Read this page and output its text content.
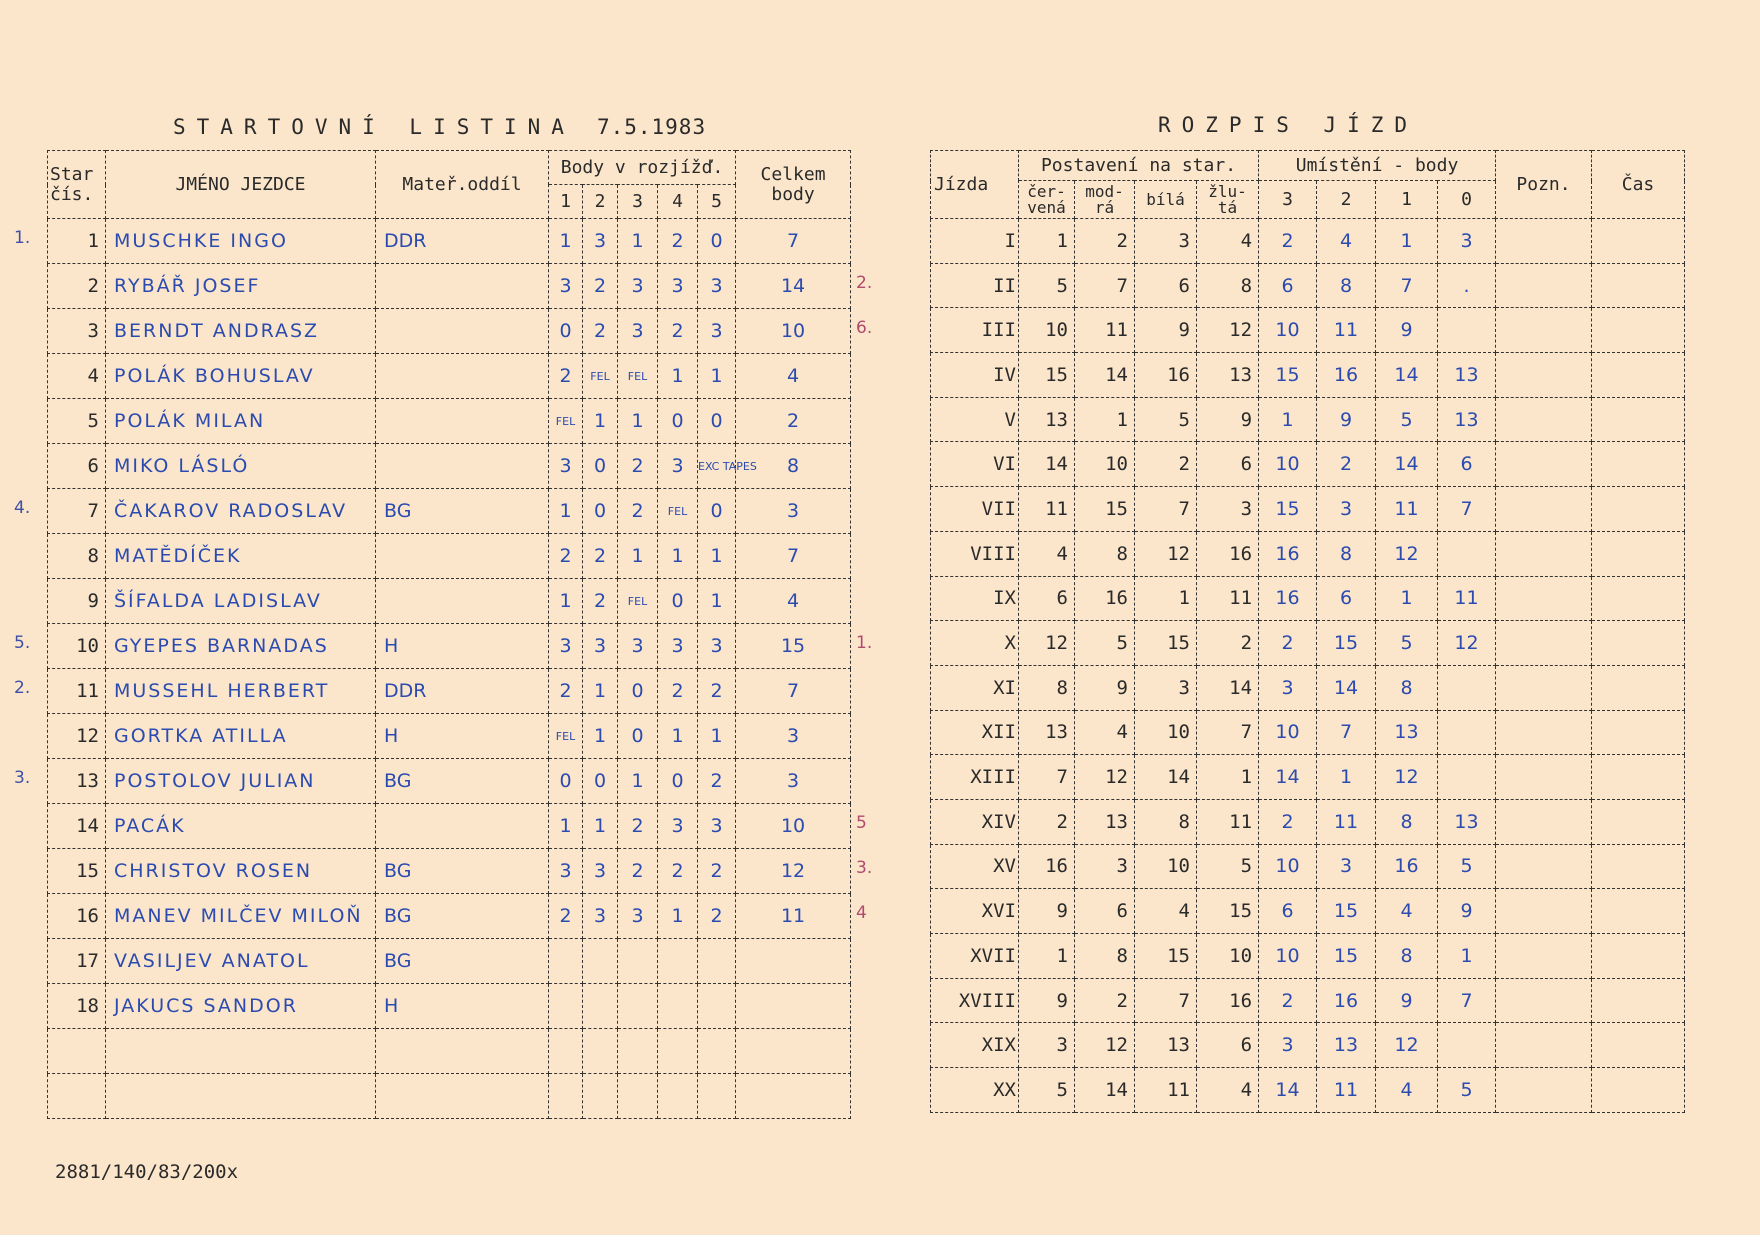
STARTOVNÍ LISTINA 7.5.1983	ROZPIS JÍZD
Star
čís.	JMÉNO JEZDCE	Mateř.oddíl	Body v rozjížď.					Celkem
body
			1	2	3	4	5	
1	MUSCHKE INGO	DDR	1	3	1	2	0	7
2	RYBÁŘ JOSEF		3	2	3	3	3	14
3	BERNDT ANDRASZ		0	2	3	2	3	10
4	POLÁK BOHUSLAV		2	FEL	FEL	1	1	4
5	POLÁK MILAN		FEL	1	1	0	0	2
6	MIKO LÁSLÓ		3	0	2	3	EXC TAPES	8
7	ČAKAROV RADOSLAV	BG	1	0	2	FEL	0	3
8	MATĚDÍČEK		2	2	1	1	1	7
9	ŠÍFALDA LADISLAV		1	2	FEL	0	1	4
10	GYEPES BARNADAS	H	3	3	3	3	3	15
11	MUSSEHL HERBERT	DDR	2	1	0	2	2	7
12	GORTKA ATILLA	H	FEL	1	0	1	1	3
13	POSTOLOV JULIAN	BG	0	0	1	0	2	3
14	PACÁK		1	1	2	3	3	10
15	CHRISTOV ROSEN	BG	3	3	2	2	2	12
16	MANEV MILČEV MILOŇ	BG	2	3	3	1	2	11
17	VASILJEV ANATOL	BG						
18	JAKUCS SANDOR	H						

Jízda	Postavení na star.				Umístění - body				Pozn.	Čas
	čer- vená	mod- rá	bílá	žlu- tá	3	2	1	0		
I	1	2	3	4	2	4	1	3		
II	5	7	6	8	6	8	7	.		
III	10	11	9	12	10	11	9			
IV	15	14	16	13	15	16	14	13		
V	13	1	5	9	1	9	5	13		
VI	14	10	2	6	10	2	14	6		
VII	11	15	7	3	15	3	11	7		
VIII	4	8	12	16	16	8	12			
IX	6	16	1	11	16	6	1	11		
X	12	5	15	2	2	15	5	12		
XI	8	9	3	14	3	14	8			
XII	13	4	10	7	10	7	13			
XIII	7	12	14	1	14	1	12			
XIV	2	13	8	11	2	11	8	13		
XV	16	3	10	5	10	3	16	5		
XVI	9	6	4	15	6	15	4	9		
XVII	1	8	15	10	10	15	8	1		
XVIII	9	2	7	16	2	16	9	7		
XIX	3	12	13	6	3	13	12			
XX	5	14	11	4	14	11	4	5		
1.
4.
5.
2.
3.
2.
6.
1.
5
3.
4
2881/140/83/200x
